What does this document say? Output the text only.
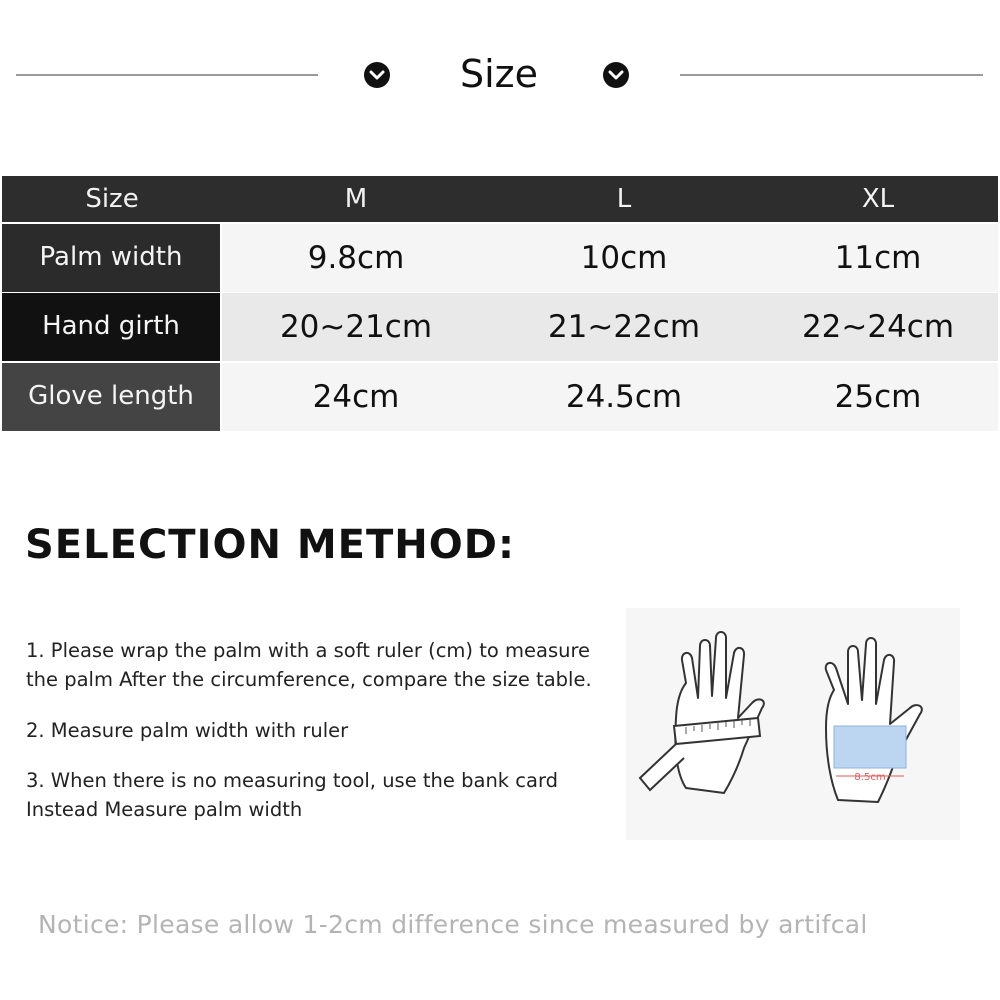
Size
Size	M	L	XL
Palm width	9.8cm	10cm	11cm
Hand girth	20~21cm	21~22cm	22~24cm
Glove length	24cm	24.5cm	25cm
SELECTION METHOD:

1. Please wrap the palm with a soft ruler (cm) to measure the palm After the circumference, compare the size table.

2. Measure palm width with ruler

3. When there is no measuring tool, use the bank card Instead Measure palm width

8.5cm
Notice: Please allow 1-2cm difference since measured by artifcal
